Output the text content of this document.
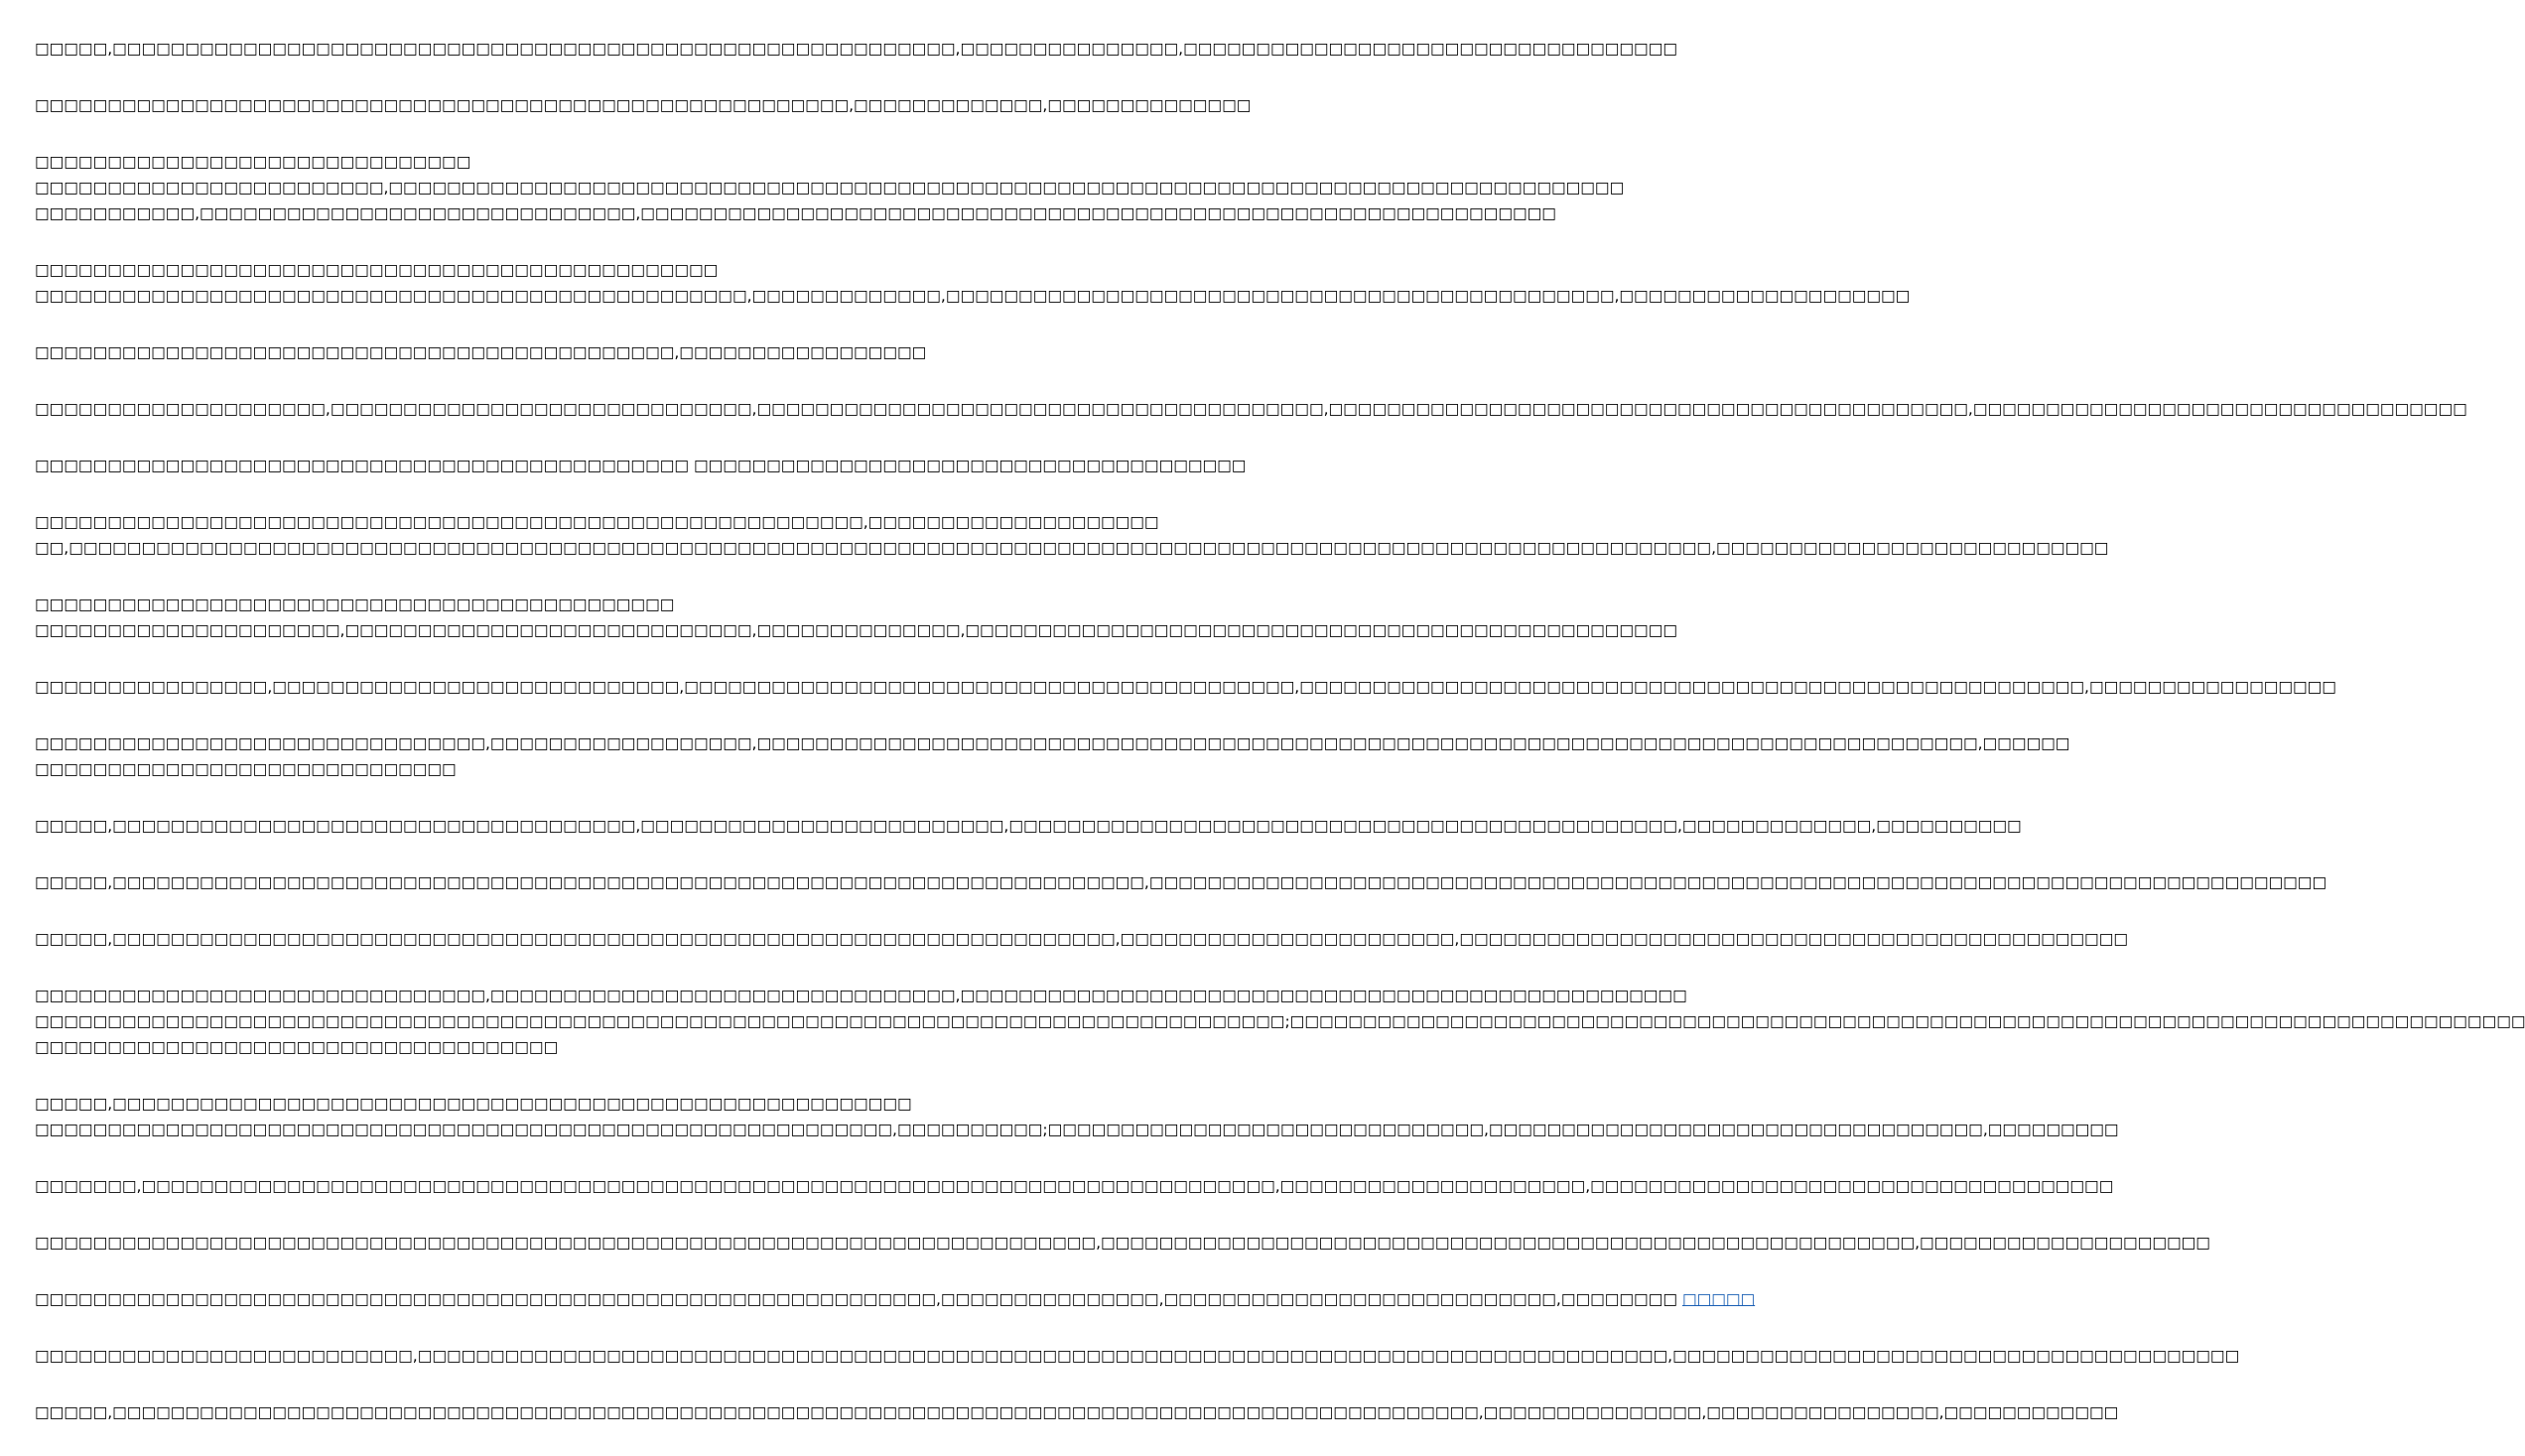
□□□□□,□□□□□□□□□□□□□□□□□□□□□□□□□□□□□□□□□□□□□□□□□□□□□□□□□□□□□□□□□□,□□□□□□□□□□□□□□□,□□□□□□□□□□□□□□□□□□□□□□□□□□□□□□□□□□
□□□□□□□□□□□□□□□□□□□□□□□□□□□□□□□□□□□□□□□□□□□□□□□□□□□□□□□□,□□□□□□□□□□□□□,□□□□□□□□□□□□□□
□□□□□□□□□□□□□□□□□□□□□□□□□□□□□□
□□□□□□□□□□□□□□□□□□□□□□□□,□□□□□□□□□□□□□□□□□□□□□□□□□□□□□□□□□□□□□□□□□□□□□□□□□□□□□□□□□□□□□□□□□□□□□□□□□□□□□□□□□□□□□
□□□□□□□□□□□,□□□□□□□□□□□□□□□□□□□□□□□□□□□□□□,□□□□□□□□□□□□□□□□□□□□□□□□□□□□□□□□□□□□□□□□□□□□□□□□□□□□□□□□□□□□□□□
□□□□□□□□□□□□□□□□□□□□□□□□□□□□□□□□□□□□□□□□□□□□□□□
□□□□□□□□□□□□□□□□□□□□□□□□□□□□□□□□□□□□□□□□□□□□□□□□□,□□□□□□□□□□□□□,□□□□□□□□□□□□□□□□□□□□□□□□□□□□□□□□□□□□□□□□□□□□□□,□□□□□□□□□□□□□□□□□□□□
□□□□□□□□□□□□□□□□□□□□□□□□□□□□□□□□□□□□□□□□□□□□,□□□□□□□□□□□□□□□□□
□□□□□□□□□□□□□□□□□□□□,□□□□□□□□□□□□□□□□□□□□□□□□□□□□□,□□□□□□□□□□□□□□□□□□□□□□□□□□□□□□□□□□□□□□□,□□□□□□□□□□□□□□□□□□□□□□□□□□□□□□□□□□□□□□□□□□□□,□□□□□□□□□□□□□□□□□□□□□□□□□□□□□□□□□□
□□□□□□□□□□□□□□□□□□□□□□□□□□□□□□□□□□□□□□□□□□□□□ □□□□□□□□□□□□□□□□□□□□□□□□□□□□□□□□□□□□□□
□□□□□□□□□□□□□□□□□□□□□□□□□□□□□□□□□□□□□□□□□□□□□□□□□□□□□□□□□,□□□□□□□□□□□□□□□□□□□□
□□,□□□□□□□□□□□□□□□□□□□□□□□□□□□□□□□□□□□□□□□□□□□□□□□□□□□□□□□□□□□□□□□□□□□□□□□□□□□□□□□□□□□□□□□□□□□□□□□□□□□□□□□□□□□□□□□□□,□□□□□□□□□□□□□□□□□□□□□□□□□□□
□□□□□□□□□□□□□□□□□□□□□□□□□□□□□□□□□□□□□□□□□□□□
□□□□□□□□□□□□□□□□□□□□□,□□□□□□□□□□□□□□□□□□□□□□□□□□□□,□□□□□□□□□□□□□□,□□□□□□□□□□□□□□□□□□□□□□□□□□□□□□□□□□□□□□□□□□□□□□□□□
□□□□□□□□□□□□□□□□,□□□□□□□□□□□□□□□□□□□□□□□□□□□□,□□□□□□□□□□□□□□□□□□□□□□□□□□□□□□□□□□□□□□□□□□,□□□□□□□□□□□□□□□□□□□□□□□□□□□□□□□□□□□□□□□□□□□□□□□□□□□□□□,□□□□□□□□□□□□□□□□□
□□□□□□□□□□□□□□□□□□□□□□□□□□□□□□□,□□□□□□□□□□□□□□□□□□,□□□□□□□□□□□□□□□□□□□□□□□□□□□□□□□□□□□□□□□□□□□□□□□□□□□□□□□□□□□□□□□□□□□□□□□□□□□□□□□□□□□□,□□□□□□
□□□□□□□□□□□□□□□□□□□□□□□□□□□□□
□□□□□,□□□□□□□□□□□□□□□□□□□□□□□□□□□□□□□□□□□□,□□□□□□□□□□□□□□□□□□□□□□□□□,□□□□□□□□□□□□□□□□□□□□□□□□□□□□□□□□□□□□□□□□□□□□□□,□□□□□□□□□□□□□,□□□□□□□□□□
□□□□□,□□□□□□□□□□□□□□□□□□□□□□□□□□□□□□□□□□□□□□□□□□□□□□□□□□□□□□□□□□□□□□□□□□□□□□□,□□□□□□□□□□□□□□□□□□□□□□□□□□□□□□□□□□□□□□□□□□□□□□□□□□□□□□□□□□□□□□□□□□□□□□□□□□□□□□□□□
□□□□□,□□□□□□□□□□□□□□□□□□□□□□□□□□□□□□□□□□□□□□□□□□□□□□□□□□□□□□□□□□□□□□□□□□□□□,□□□□□□□□□□□□□□□□□□□□□□□,□□□□□□□□□□□□□□□□□□□□□□□□□□□□□□□□□□□□□□□□□□□□□□
□□□□□□□□□□□□□□□□□□□□□□□□□□□□□□□,□□□□□□□□□□□□□□□□□□□□□□□□□□□□□□□□,□□□□□□□□□□□□□□□□□□□□□□□□□□□□□□□□□□□□□□□□□□□□□□□□□□
□□□□□□□□□□□□□□□□□□□□□□□□□□□□□□□□□□□□□□□□□□□□□□□□□□□□□□□□□□□□□□□□□□□□□□□□□□□□□□□□□□□□□□;□□□□□□□□□□□□□□□□□□□□□□□□□□□□□□□□□□□□□□□□□□□□□□□□□□□□□□□□□□□□□□□□□□□□□□□□□□□□□□□□□□□□□
□□□□□□□□□□□□□□□□□□□□□□□□□□□□□□□□□□□□
□□□□□,□□□□□□□□□□□□□□□□□□□□□□□□□□□□□□□□□□□□□□□□□□□□□□□□□□□□□□□
□□□□□□□□□□□□□□□□□□□□□□□□□□□□□□□□□□□□□□□□□□□□□□□□□□□□□□□□□□□,□□□□□□□□□□;□□□□□□□□□□□□□□□□□□□□□□□□□□□□□□,□□□□□□□□□□□□□□□□□□□□□□□□□□□□□□□□□□,□□□□□□□□□
□□□□□□□,□□□□□□□□□□□□□□□□□□□□□□□□□□□□□□□□□□□□□□□□□□□□□□□□□□□□□□□□□□□□□□□□□□□□□□□□□□□□□□,□□□□□□□□□□□□□□□□□□□□□,□□□□□□□□□□□□□□□□□□□□□□□□□□□□□□□□□□□□
□□□□□□□□□□□□□□□□□□□□□□□□□□□□□□□□□□□□□□□□□□□□□□□□□□□□□□□□□□□□□□□□□□□□□□□□□,□□□□□□□□□□□□□□□□□□□□□□□□□□□□□□□□□□□□□□□□□□□□□□□□□□□□□□□□,□□□□□□□□□□□□□□□□□□□□
□□□□□□□□□□□□□□□□□□□□□□□□□□□□□□□□□□□□□□□□□□□□□□□□□□□□□□□□□□□□□□,□□□□□□□□□□□□□□□,□□□□□□□□□□□□□□□□□□□□□□□□□□□,□□□□□□□□ □□□□□
□□□□□□□□□□□□□□□□□□□□□□□□□□,□□□□□□□□□□□□□□□□□□□□□□□□□□□□□□□□□□□□□□□□□□□□□□□□□□□□□□□□□□□□□□□□□□□□□□□□□□□□□□□□□□□□□□,□□□□□□□□□□□□□□□□□□□□□□□□□□□□□□□□□□□□□□□
□□□□□,□□□□□□□□□□□□□□□□□□□□□□□□□□□□□□□□□□□□□□□□□□□□□□□□□□□□□□□□□□□□□□□□□□□□□□□□□□□□□□□□□□□□□□□□□□□□□□,□□□□□□□□□□□□□□□,□□□□□□□□□□□□□□□□,□□□□□□□□□□□□
